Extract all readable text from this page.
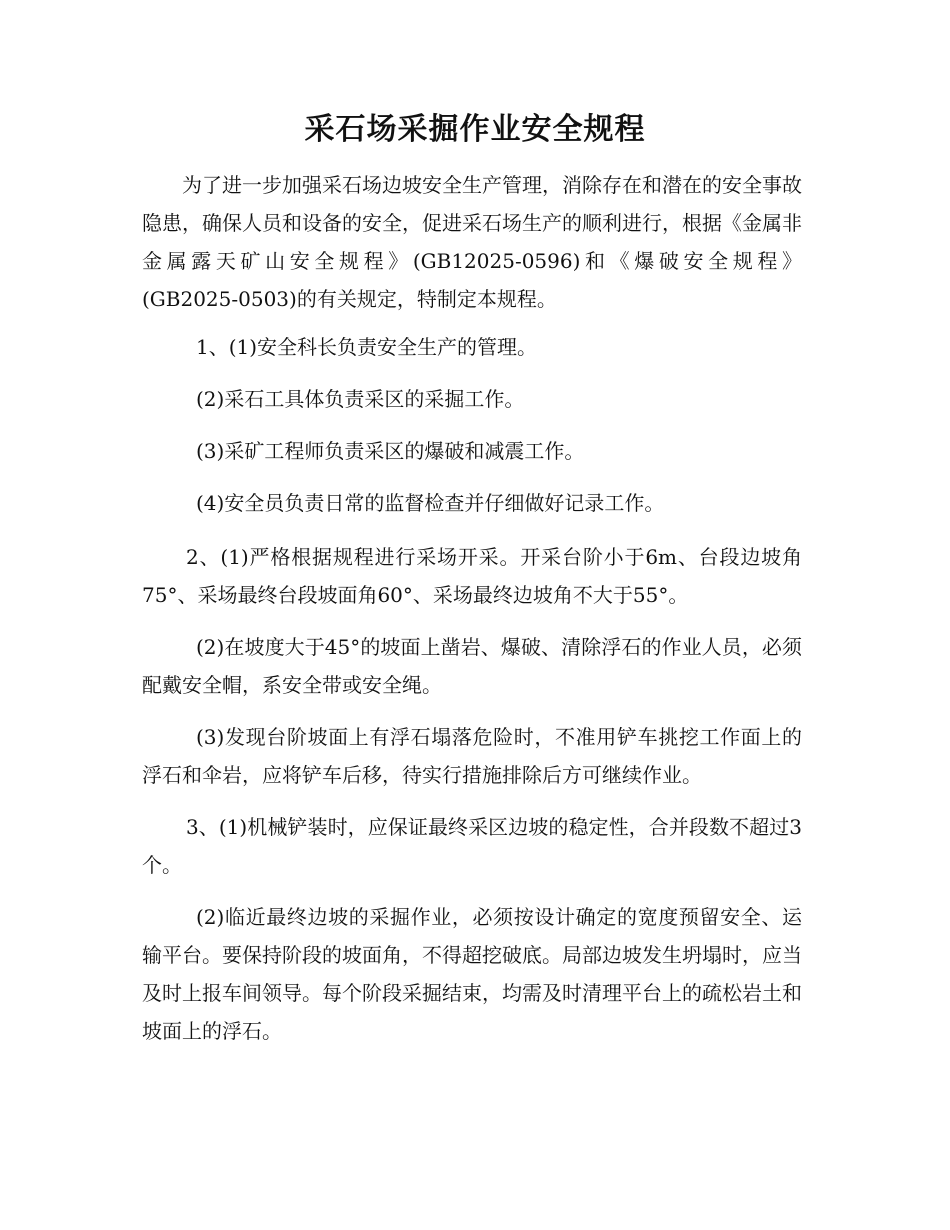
采石场采掘作业安全规程

为了进一步加强采石场边坡安全生产管理，消除存在和潜在的安全事故隐患，确保人员和设备的安全，促进采石场生产的顺利进行，根据《金属非金属露天矿山安全规程》(GB12025-0596)和《爆破安全规程》(GB2025-0503)的有关规定，特制定本规程。

1、(1)安全科长负责安全生产的管理。

(2)采石工具体负责采区的采掘工作。

(3)采矿工程师负责采区的爆破和减震工作。

(4)安全员负责日常的监督检查并仔细做好记录工作。

2、(1)严格根据规程进行采场开采。开采台阶小于6m、台段边坡角75°、采场最终台段坡面角60°、采场最终边坡角不大于55°。

(2)在坡度大于45°的坡面上凿岩、爆破、清除浮石的作业人员，必须配戴安全帽，系安全带或安全绳。

(3)发现台阶坡面上有浮石塌落危险时，不准用铲车挑挖工作面上的浮石和伞岩，应将铲车后移，待实行措施排除后方可继续作业。

3、(1)机械铲装时，应保证最终采区边坡的稳定性，合并段数不超过3个。

(2)临近最终边坡的采掘作业，必须按设计确定的宽度预留安全、运输平台。要保持阶段的坡面角，不得超挖破底。局部边坡发生坍塌时，应当及时上报车间领导。每个阶段采掘结束，均需及时清理平台上的疏松岩土和坡面上的浮石。
